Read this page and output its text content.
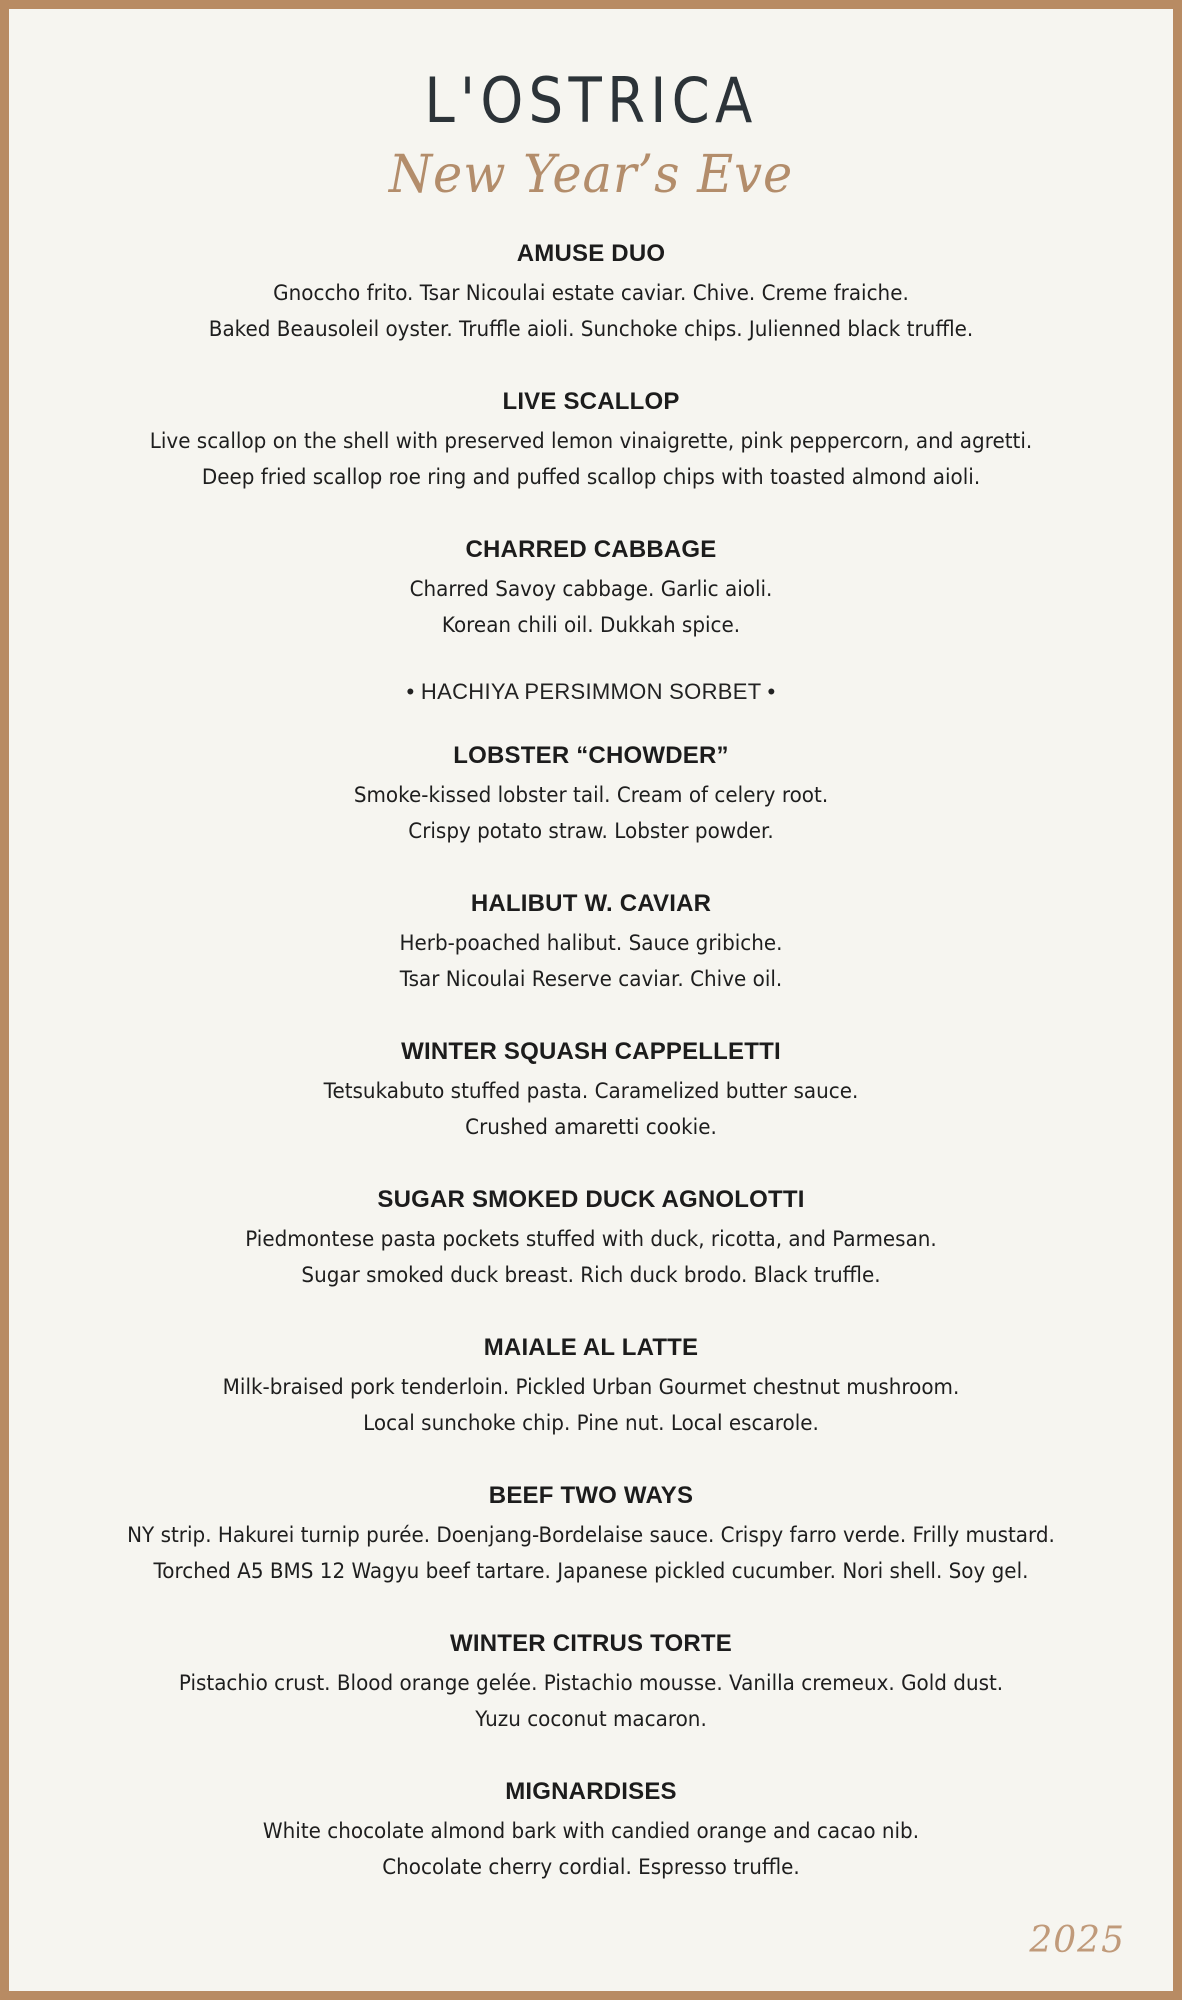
L'OSTRICA
New Year’s Eve
AMUSE DUO
Gnoccho frito. Tsar Nicoulai estate caviar. Chive. Creme fraiche.
Baked Beausoleil oyster. Truffle aioli. Sunchoke chips. Julienned black truffle.
LIVE SCALLOP
Live scallop on the shell with preserved lemon vinaigrette, pink peppercorn, and agretti.
Deep fried scallop roe ring and puffed scallop chips with toasted almond aioli.
CHARRED CABBAGE
Charred Savoy cabbage. Garlic aioli.
Korean chili oil. Dukkah spice.
• HACHIYA PERSIMMON SORBET •
LOBSTER “CHOWDER”
Smoke-kissed lobster tail. Cream of celery root.
Crispy potato straw. Lobster powder.
HALIBUT W. CAVIAR
Herb-poached halibut. Sauce gribiche.
Tsar Nicoulai Reserve caviar. Chive oil.
WINTER SQUASH CAPPELLETTI
Tetsukabuto stuffed pasta. Caramelized butter sauce.
Crushed amaretti cookie.
SUGAR SMOKED DUCK AGNOLOTTI
Piedmontese pasta pockets stuffed with duck, ricotta, and Parmesan.
Sugar smoked duck breast. Rich duck brodo. Black truffle.
MAIALE AL LATTE
Milk-braised pork tenderloin. Pickled Urban Gourmet chestnut mushroom.
Local sunchoke chip. Pine nut. Local escarole.
BEEF TWO WAYS
NY strip. Hakurei turnip purée. Doenjang-Bordelaise sauce. Crispy farro verde. Frilly mustard.
Torched A5 BMS 12 Wagyu beef tartare. Japanese pickled cucumber. Nori shell. Soy gel.
WINTER CITRUS TORTE
Pistachio crust. Blood orange gelée. Pistachio mousse. Vanilla cremeux. Gold dust.
Yuzu coconut macaron.
MIGNARDISES
White chocolate almond bark with candied orange and cacao nib.
Chocolate cherry cordial. Espresso truffle.
2025
